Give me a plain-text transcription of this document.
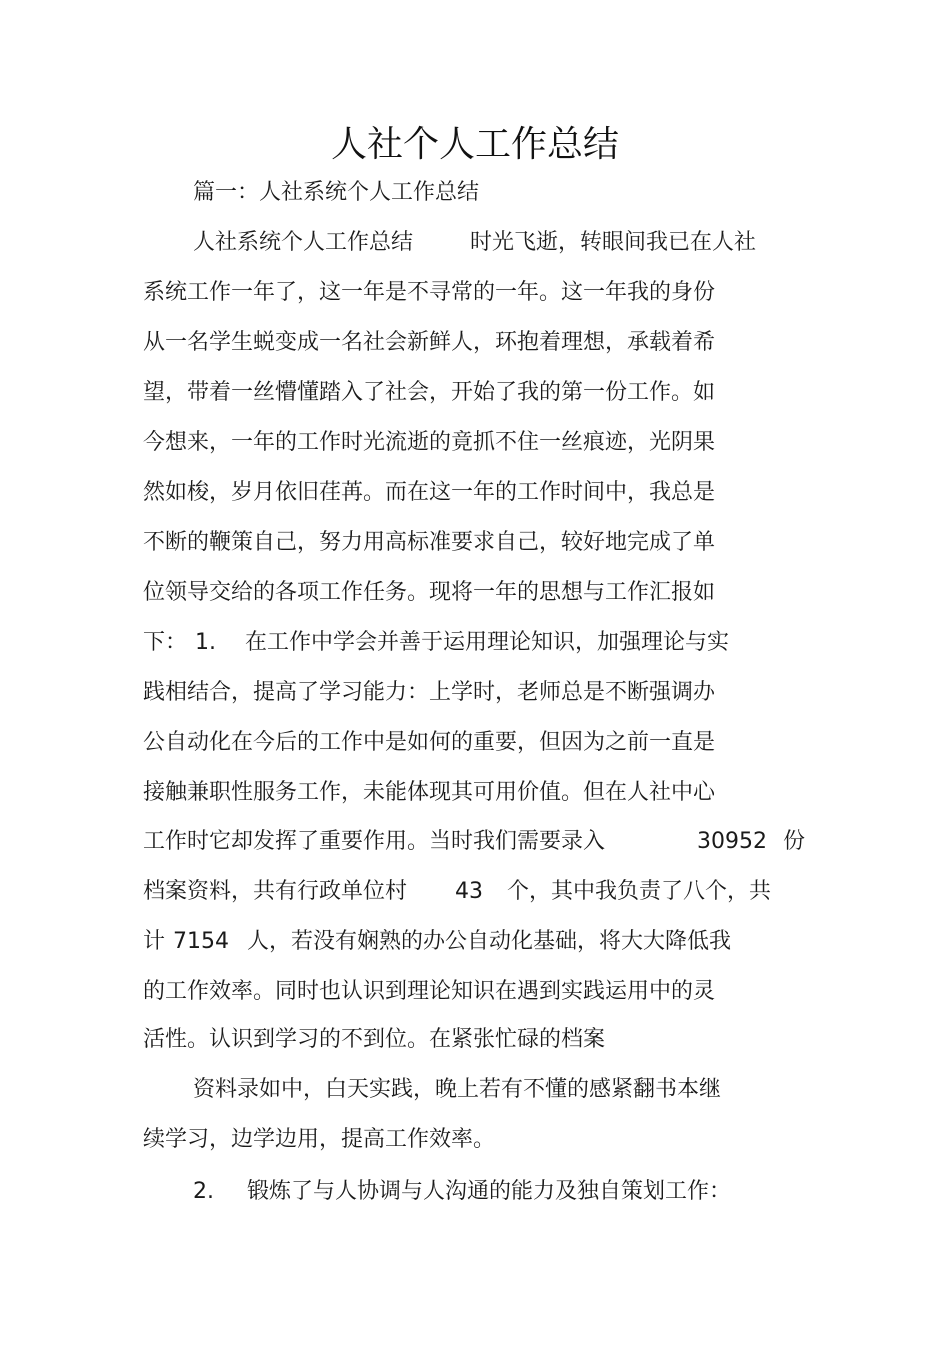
人社个人工作总结
篇一：人社系统个人工作总结
人社系统个人工作总结	时光飞逝，转眼间我已在人社
系统工作一年了，这一年是不寻常的一年。这一年我的身份
从一名学生蜕变成一名社会新鲜人，环抱着理想，承载着希
望，带着一丝懵懂踏入了社会，开始了我的第一份工作。如
今想来，一年的工作时光流逝的竟抓不住一丝痕迹，光阴果
然如梭，岁月依旧荏苒。而在这一年的工作时间中，我总是
不断的鞭策自己，努力用高标准要求自己，较好地完成了单
位领导交给的各项工作任务。现将一年的思想与工作汇报如
下： 1. 在工作中学会并善于运用理论知识，加强理论与实
践相结合，提高了学习能力：上学时，老师总是不断强调办
公自动化在今后的工作中是如何的重要，但因为之前一直是
接触兼职性服务工作，未能体现其可用价值。但在人社中心
工作时它却发挥了重要作用。当时我们需要录入	30952 份
档案资料，共有行政单位村 43 个，其中我负责了八个，共
计 7154 人，若没有娴熟的办公自动化基础，将大大降低我
的工作效率。同时也认识到理论知识在遇到实践运用中的灵
活性。认识到学习的不到位。在紧张忙碌的档案
资料录如中，白天实践，晚上若有不懂的感紧翻书本继
续学习，边学边用，提高工作效率。
2. 锻炼了与人协调与人沟通的能力及独自策划工作：
